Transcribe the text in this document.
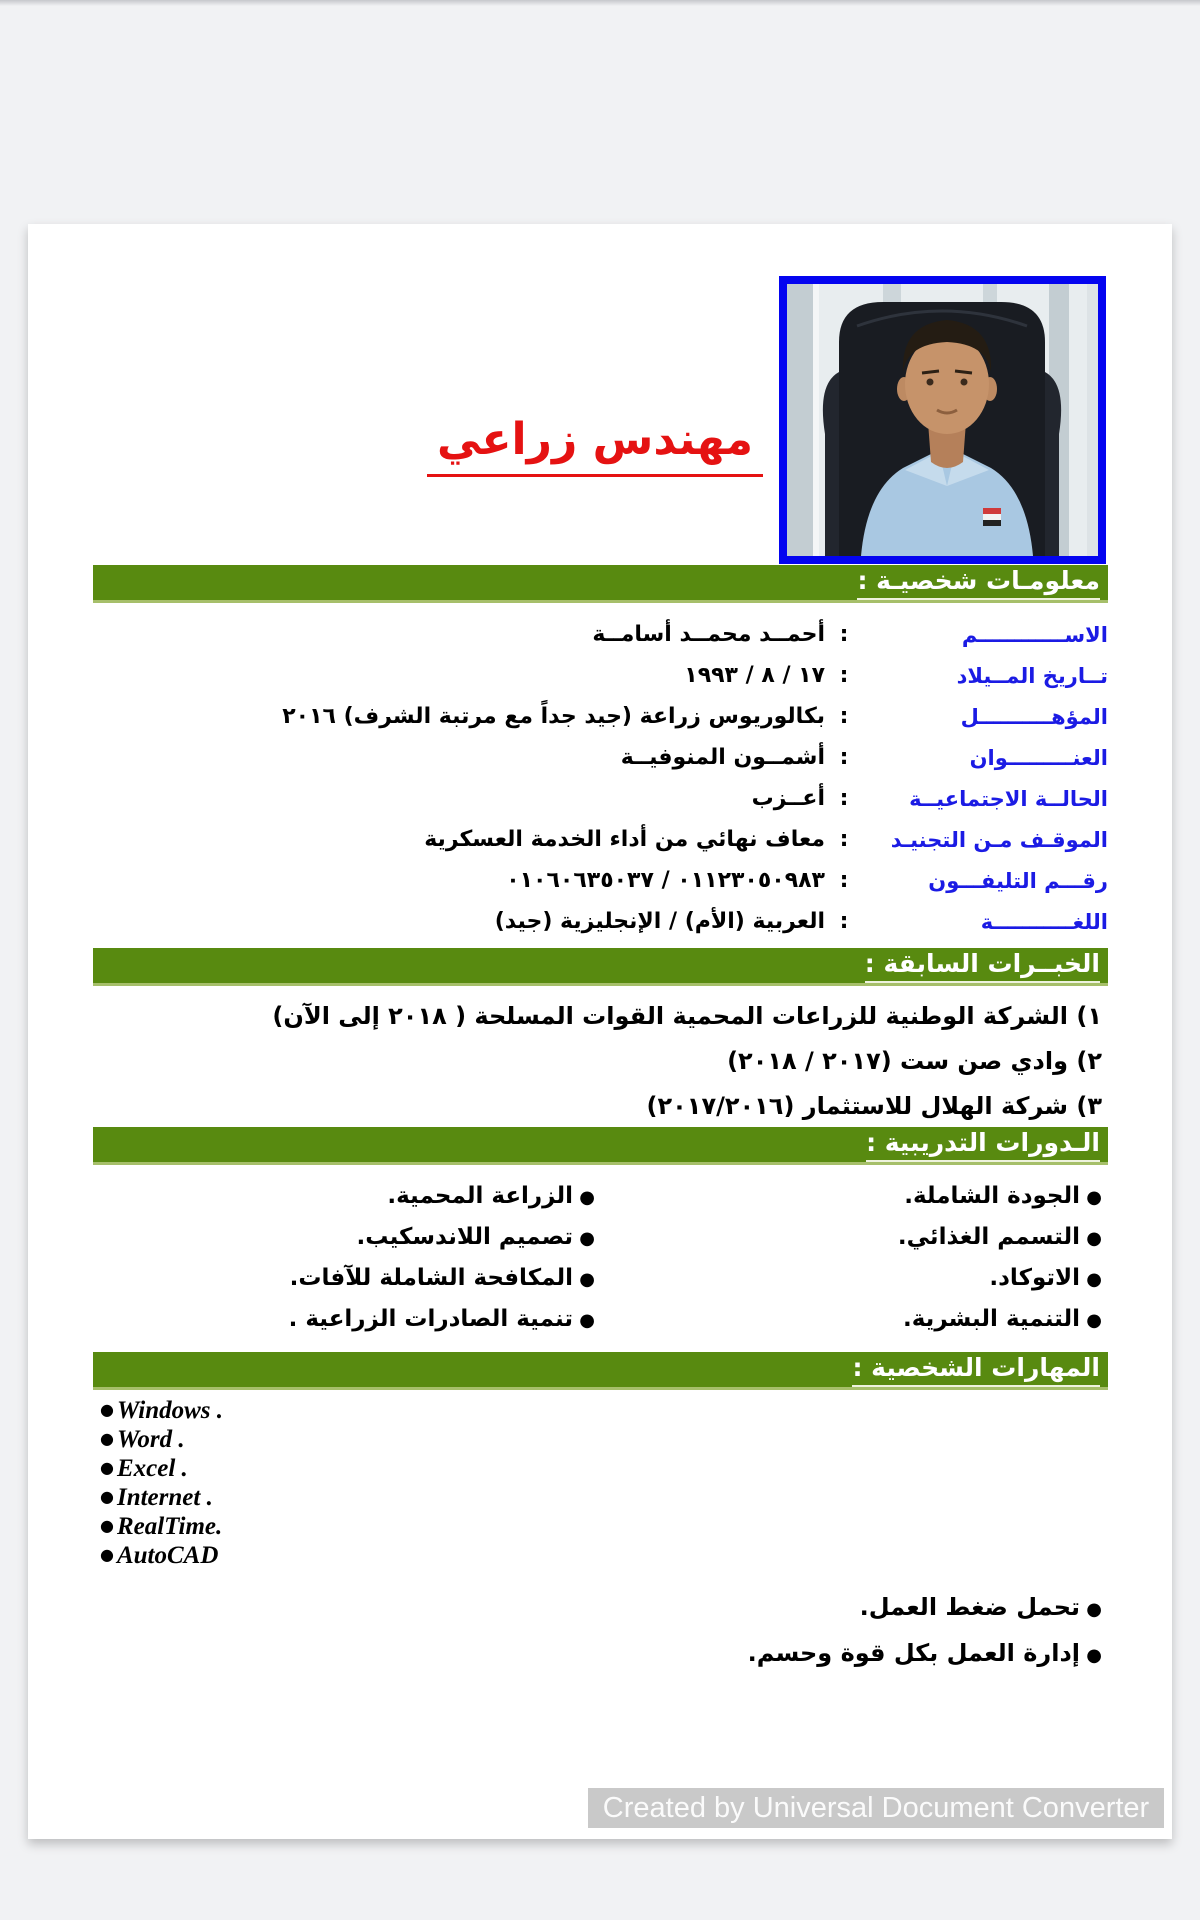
مهندس زراعي
معلومـات شخصيـة :
الاســــــــــــم
:
أحمــد محمــد أسامــة
تــاريخ المــيلاد
:
١٧ / ٨ / ١٩٩٣
المؤهــــــــــل
:
بكالوريوس زراعة (جيد جداً مع مرتبة الشرف) ٢٠١٦
العنـــــــــوان
:
أشمــون المنوفيــة
الحالــة الاجتماعيــة
:
أعــزب
الموقـف مـن التجنيـد
:
معاف نهائي من أداء الخدمة العسكرية
رقـــم التليفـــون
:
٠١١٢٣٠٥٠٩٨٣ / ٠١٠٦٠٦٣٥٠٣٧
اللغـــــــــــة
:
العربية (الأم) / الإنجليزية (جيد)
الخبــرات السابقة :
١) الشركة الوطنية للزراعات المحمية القوات المسلحة ( ٢٠١٨ إلى الآن)
٢) وادي صن ست (٢٠١٧ / ٢٠١٨)
٣) شركة الهلال للاستثمار (٢٠١٧/٢٠١٦)
الـدورات التدريبية :
● الجودة الشاملة.
● التسمم الغذائي.
● الاتوكاد.
● التنمية البشرية.
● الزراعة المحمية.
● تصميم اللاندسكيب.
● المكافحة الشاملة للآفات.
● تنمية الصادرات الزراعية .
المهارات الشخصية :
● Windows .
● Word .
● Excel .
● Internet .
● RealTime.
● AutoCAD
● تحمل ضغط العمل.
● إدارة العمل بكل قوة وحسم.
Created by Universal Document Converter
